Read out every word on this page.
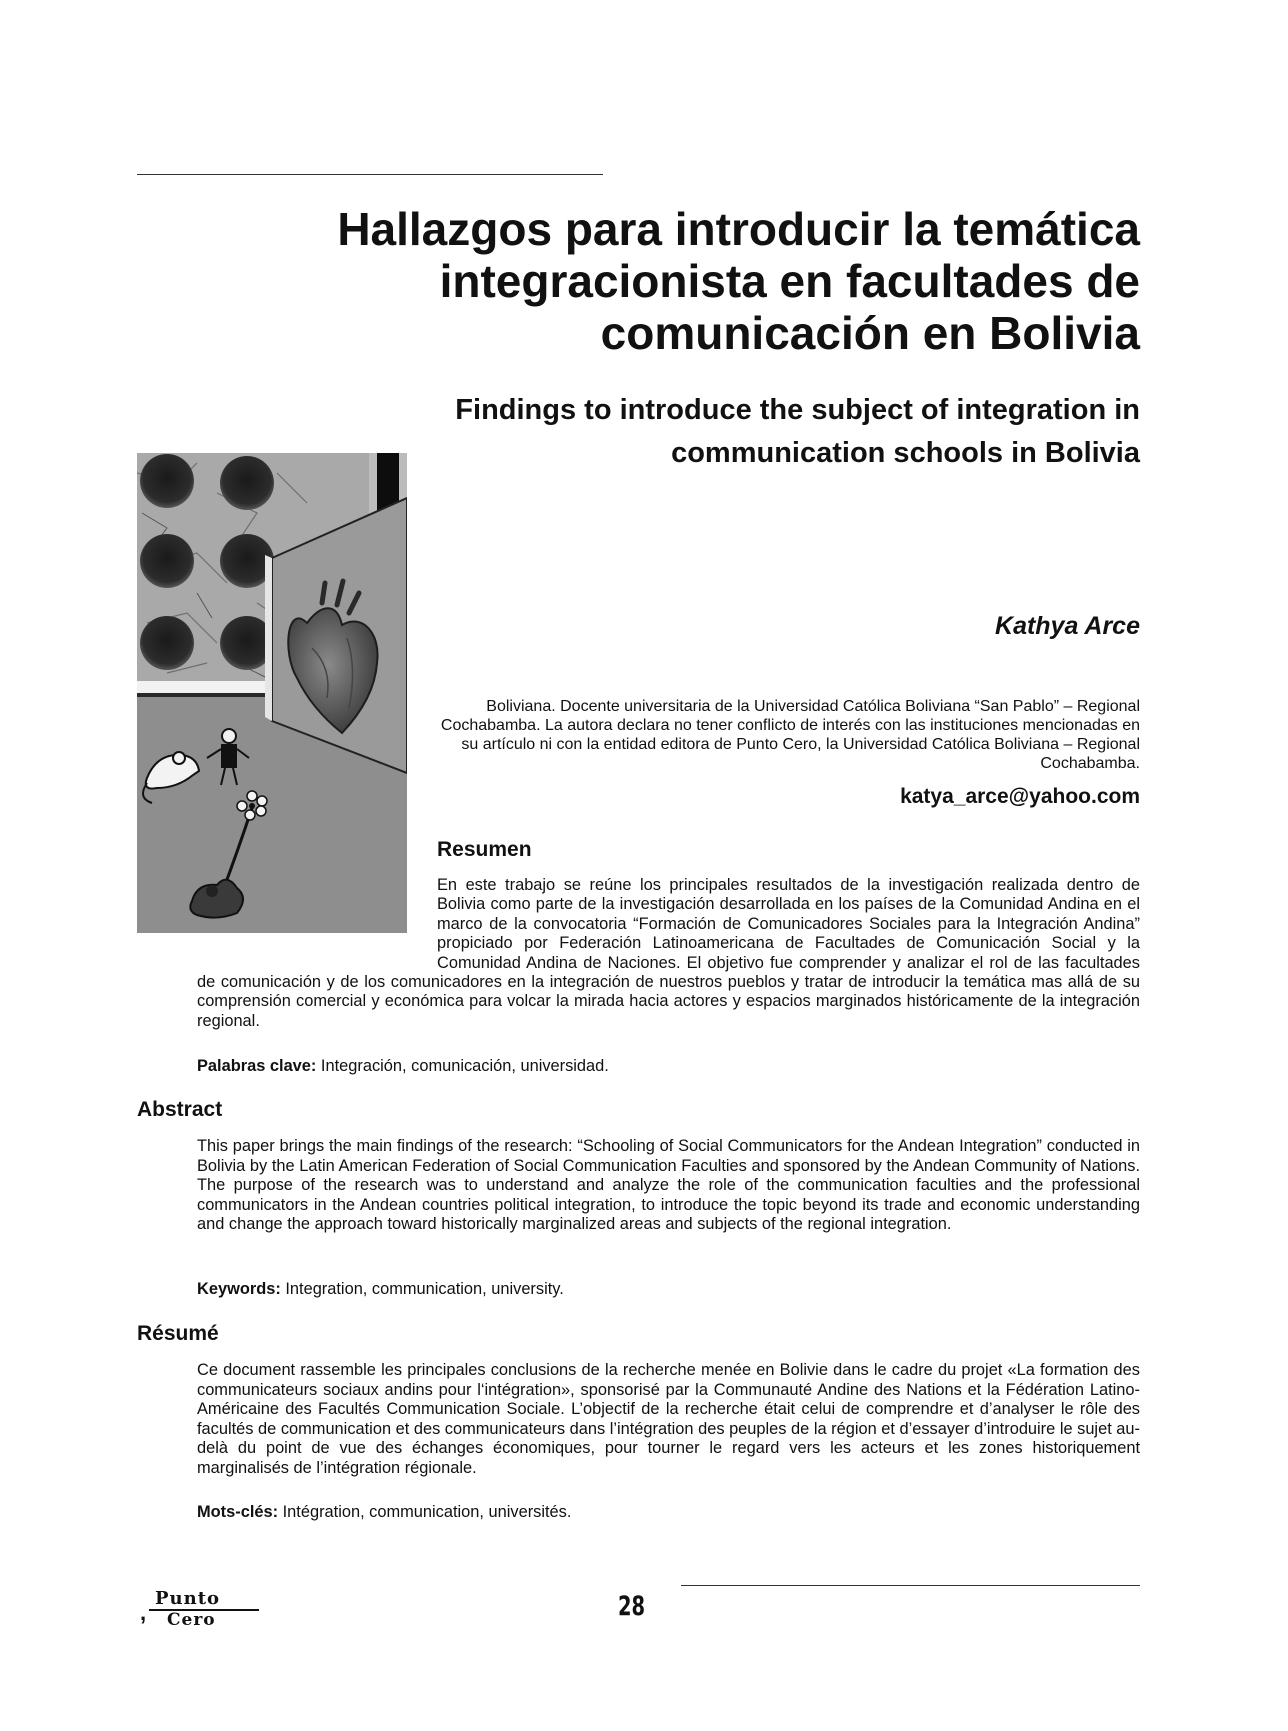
Hallazgos para introducir la temática
integracionista en facultades de
comunicación en Bolivia
Findings to introduce the subject of integration in
communication schools in Bolivia

Kathya Arce

Boliviana. Docente universitaria de la Universidad Católica Boliviana “San Pablo” – Regional Cochabamba. La autora declara no tener conflicto de interés con las instituciones mencionadas en su artículo ni con la entidad editora de Punto Cero, la Universidad Católica Boliviana – Regional Cochabamba.

katya_arce@yahoo.com

Resumen

En este trabajo se reúne los principales resultados de la investigación realizada dentro de Bolivia como parte de la investigación desarrollada en los países de la Comunidad Andina en el marco de la convocatoria “Formación de Comunicadores Sociales para la Integración Andina” propiciado por Federación Latinoamericana de Facultades de Comunicación Social y la Comunidad Andina de Naciones. El objetivo fue comprender y analizar el rol de las facultades de comunicación y de los comunicadores en la integración de nuestros pueblos y tratar de introducir la temática mas allá de su comprensión comercial y económica para volcar la mirada hacia actores y espacios marginados históricamente de la integración regional.

Palabras clave: Integración, comunicación, universidad.

Abstract

This paper brings the main findings of the research: “Schooling of Social Communicators for the Andean Integration” conducted in Bolivia by the Latin American Federation of Social Communication Faculties and sponsored by the Andean Community of Nations. The purpose of the research was to understand and analyze the role of the communication faculties and the professional communicators in the Andean countries political integration, to introduce the topic beyond its trade and economic understanding and change the approach toward historically marginalized areas and subjects of the regional integration.

Keywords: Integration, communication, university.

Résumé

Ce document rassemble les principales conclusions de la recherche menée en Bolivie dans le cadre du projet «La formation des communicateurs sociaux andins pour l‘intégration», sponsorisé par la Communauté Andine des Nations et la Fédération Latino-Américaine des Facultés Communication Sociale. L’objectif de la recherche était celui de comprendre et d’analyser le rôle des facultés de communication et des communicateurs dans l’intégration des peuples de la région et d’essayer d’introduire le sujet au-delà du point de vue des échanges économiques, pour tourner le regard vers les acteurs et les zones historiquement marginalisés de l’intégration régionale.

Mots-clés: Intégration, communication, universités.

,
Punto
Cero	28
